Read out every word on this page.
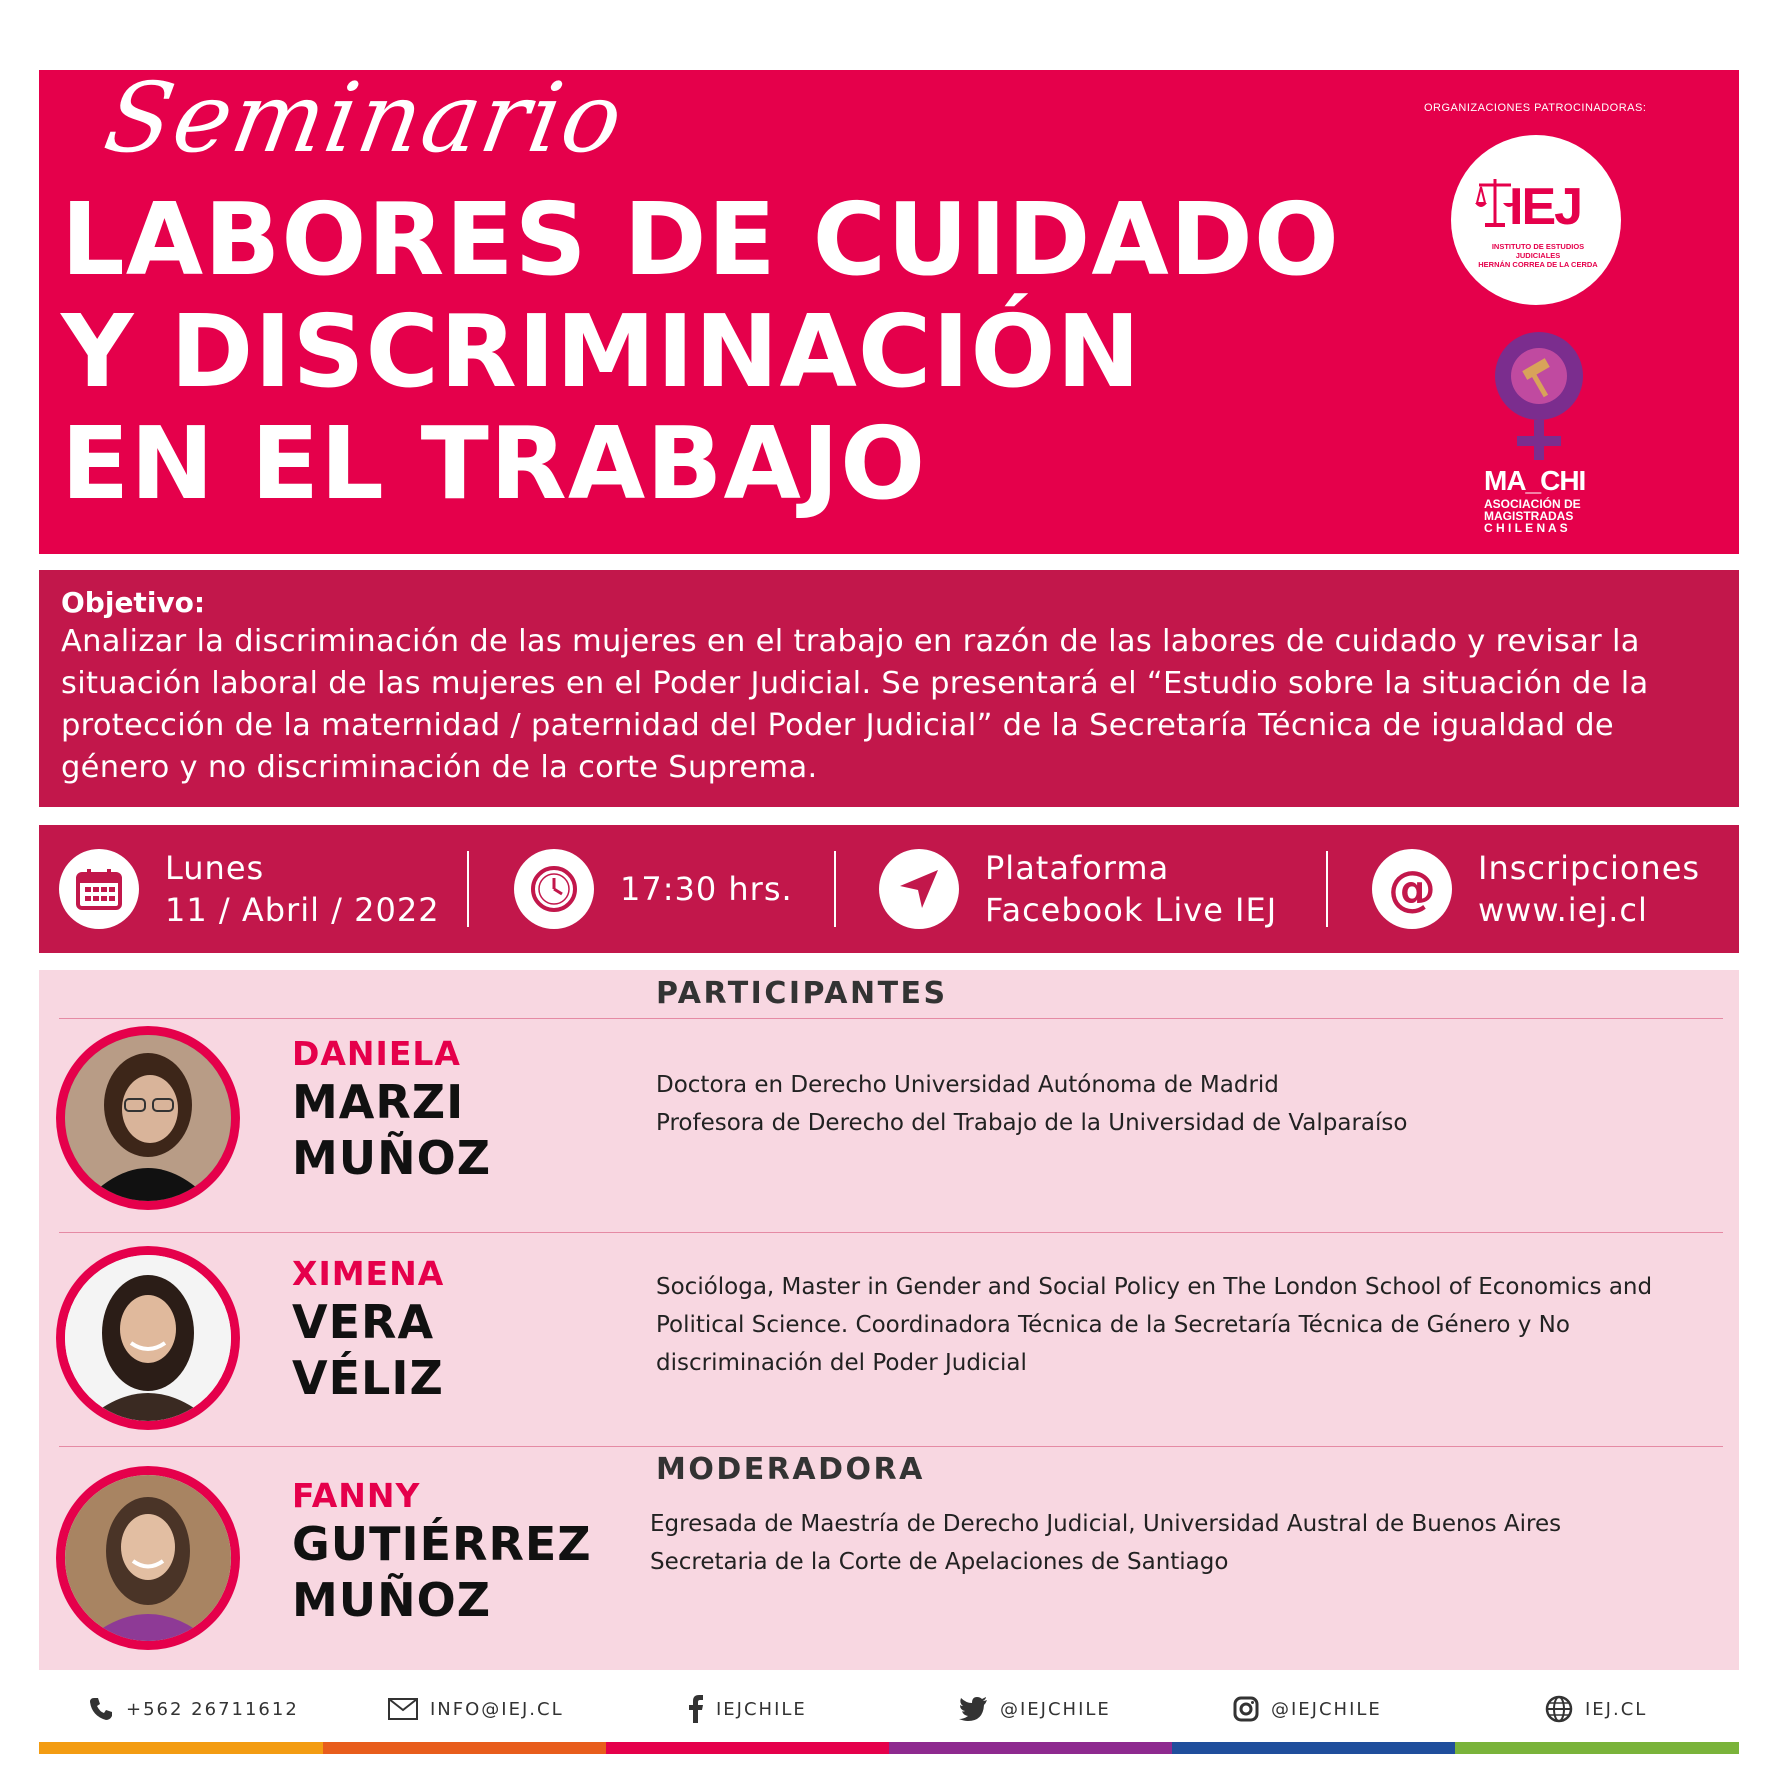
Seminario
LABORES DE CUIDADO
Y DISCRIMINACIÓN
EN EL TRABAJO
ORGANIZACIONES PATROCINADORAS:
IEJ
INSTITUTO DE ESTUDIOS JUDICIALES
HERNÁN CORREA DE LA CERDA
MA_CHI
ASOCIACIÓN DE
MAGISTRADAS
C H I L E N A S
Objetivo:
Analizar la discriminación de las mujeres en el trabajo en razón de las labores de cuidado y revisar la situación laboral de las mujeres en el Poder Judicial. Se presentará el “Estudio sobre la situación de la protección de la maternidad / paternidad del Poder Judicial” de la Secretaría Técnica de igualdad de género y no discriminación de la corte Suprema.
Lunes
11 / Abril / 2022
17:30 hrs.
Plataforma
Facebook Live IEJ @ Inscripciones
www.iej.cl
PARTICIPANTES
DANIELA
MARZI
MUÑOZ
Doctora en Derecho Universidad Autónoma de Madrid
Profesora de Derecho del Trabajo de la Universidad de Valparaíso
XIMENA
VERA
VÉLIZ
Socióloga, Master in Gender and Social Policy en The London School of Economics and
Political Science. Coordinadora Técnica de la Secretaría Técnica de Género y No
discriminación del Poder Judicial
MODERADORA
FANNY
GUTIÉRREZ
MUÑOZ
Egresada de Maestría de Derecho Judicial, Universidad Austral de Buenos Aires
Secretaria de la Corte de Apelaciones de Santiago
+562 26711612	INFO@IEJ.CL	IEJCHILE	@IEJCHILE	@IEJCHILE	IEJ.CL
